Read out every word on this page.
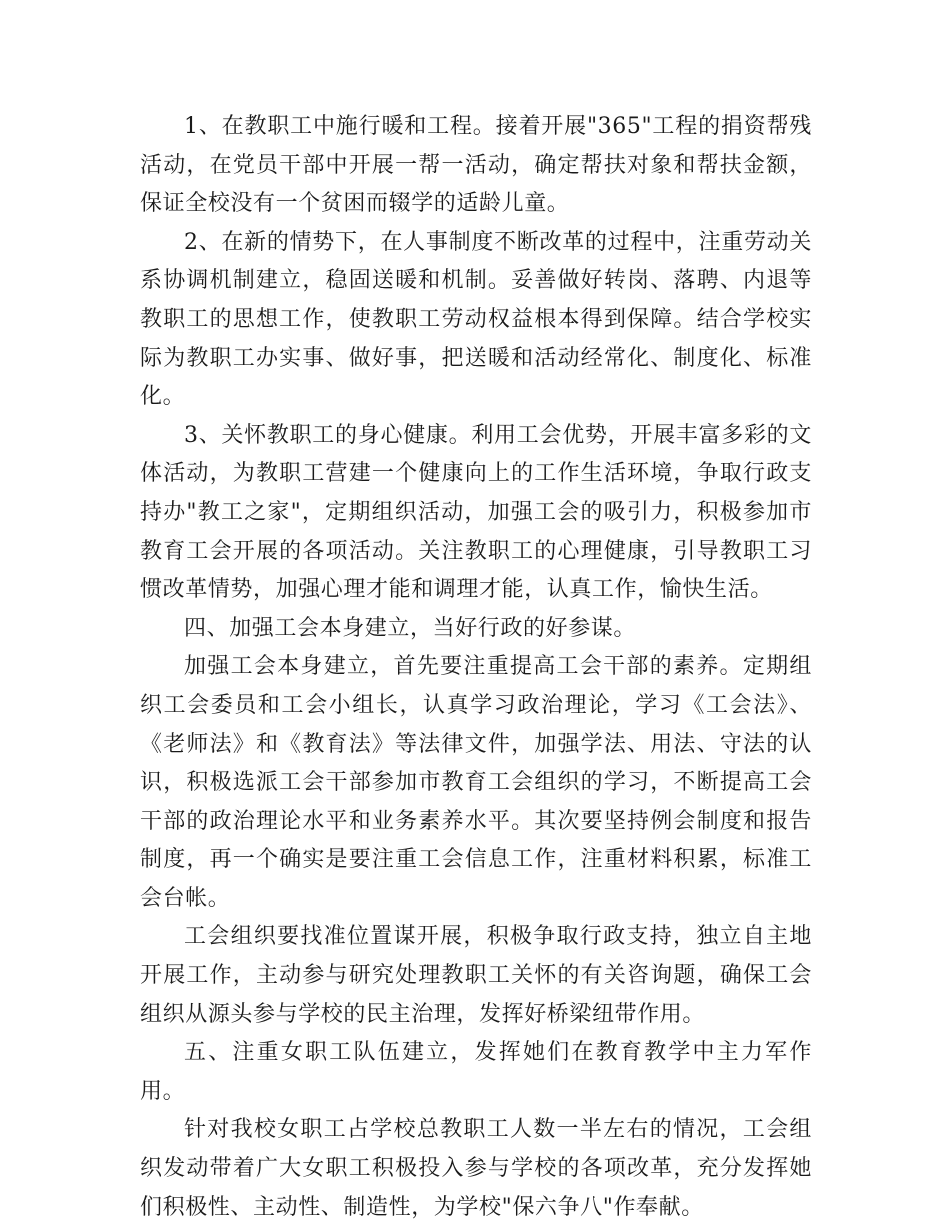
1、在教职工中施行暖和工程。接着开展"365"工程的捐资帮残活动，在党员干部中开展一帮一活动，确定帮扶对象和帮扶金额，保证全校没有一个贫困而辍学的适龄儿童。

2、在新的情势下，在人事制度不断改革的过程中，注重劳动关系协调机制建立，稳固送暖和机制。妥善做好转岗、落聘、内退等教职工的思想工作，使教职工劳动权益根本得到保障。结合学校实际为教职工办实事、做好事，把送暖和活动经常化、制度化、标准化。

3、关怀教职工的身心健康。利用工会优势，开展丰富多彩的文体活动，为教职工营建一个健康向上的工作生活环境，争取行政支持办"教工之家"，定期组织活动，加强工会的吸引力，积极参加市教育工会开展的各项活动。关注教职工的心理健康，引导教职工习惯改革情势，加强心理才能和调理才能，认真工作，愉快生活。

四、加强工会本身建立，当好行政的好参谋。

加强工会本身建立，首先要注重提高工会干部的素养。定期组织工会委员和工会小组长，认真学习政治理论，学习《工会法》、《老师法》和《教育法》等法律文件，加强学法、用法、守法的认识，积极选派工会干部参加市教育工会组织的学习，不断提高工会干部的政治理论水平和业务素养水平。其次要坚持例会制度和报告制度，再一个确实是要注重工会信息工作，注重材料积累，标准工会台帐。

工会组织要找准位置谋开展，积极争取行政支持，独立自主地开展工作，主动参与研究处理教职工关怀的有关咨询题，确保工会组织从源头参与学校的民主治理，发挥好桥梁纽带作用。

五、注重女职工队伍建立，发挥她们在教育教学中主力军作用。

针对我校女职工占学校总教职工人数一半左右的情况，工会组织发动带着广大女职工积极投入参与学校的各项改革，充分发挥她们积极性、主动性、制造性，为学校"保六争八"作奉献。
